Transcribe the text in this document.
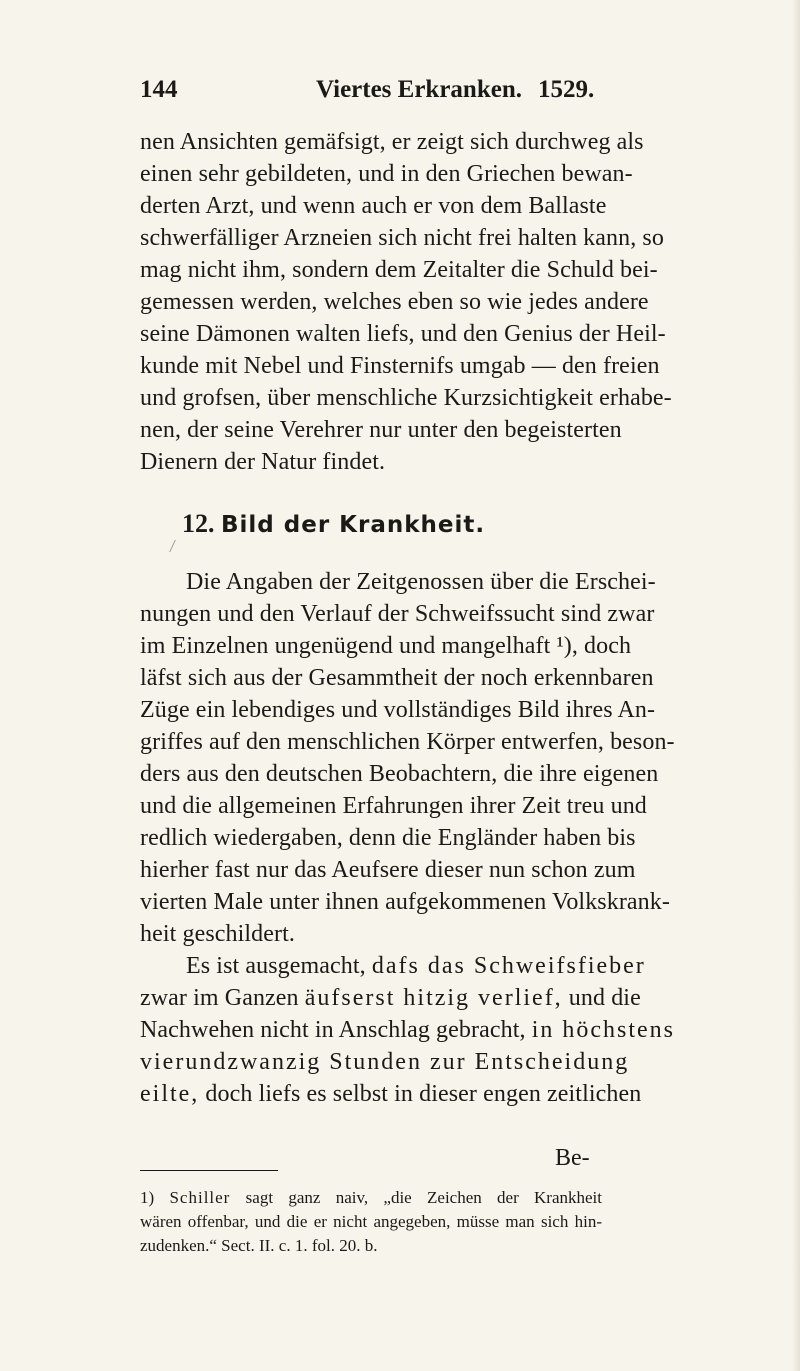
144	Viertes Erkranken. 1529.
nen Ansichten gemäfsigt, er zeigt sich durchweg als
einen sehr gebildeten, und in den Griechen bewan-
derten Arzt, und wenn auch er von dem Ballaste
schwerfälliger Arzneien sich nicht frei halten kann, so
mag nicht ihm, sondern dem Zeitalter die Schuld bei-
gemessen werden, welches eben so wie jedes andere
seine Dämonen walten liefs, und den Genius der Heil-
kunde mit Nebel und Finsternifs umgab — den freien
und grofsen, über menschliche Kurzsichtigkeit erhabe-
nen, der seine Verehrer nur unter den begeisterten
Dienern der Natur findet.
12. Bild der Krankheit.
Die Angaben der Zeitgenossen über die Erschei-
nungen und den Verlauf der Schweifssucht sind zwar
im Einzelnen ungenügend und mangelhaft ¹), doch
läfst sich aus der Gesammtheit der noch erkennbaren
Züge ein lebendiges und vollständiges Bild ihres An-
griffes auf den menschlichen Körper entwerfen, beson-
ders aus den deutschen Beobachtern, die ihre eigenen
und die allgemeinen Erfahrungen ihrer Zeit treu und
redlich wiedergaben, denn die Engländer haben bis
hierher fast nur das Aeufsere dieser nun schon zum
vierten Male unter ihnen aufgekommenen Volkskrank-
heit geschildert.
Es ist ausgemacht, dafs das Schweifsfieber
zwar im Ganzen äufserst hitzig verlief, und die
Nachwehen nicht in Anschlag gebracht, in höchstens
vierundzwanzig Stunden zur Entscheidung
eilte, doch liefs es selbst in dieser engen zeitlichen
Be-
1) Schiller sagt ganz naiv, „die Zeichen der Krankheit
wären offenbar, und die er nicht angegeben, müsse man sich hin-
zudenken.“ Sect. II. c. 1. fol. 20. b.
